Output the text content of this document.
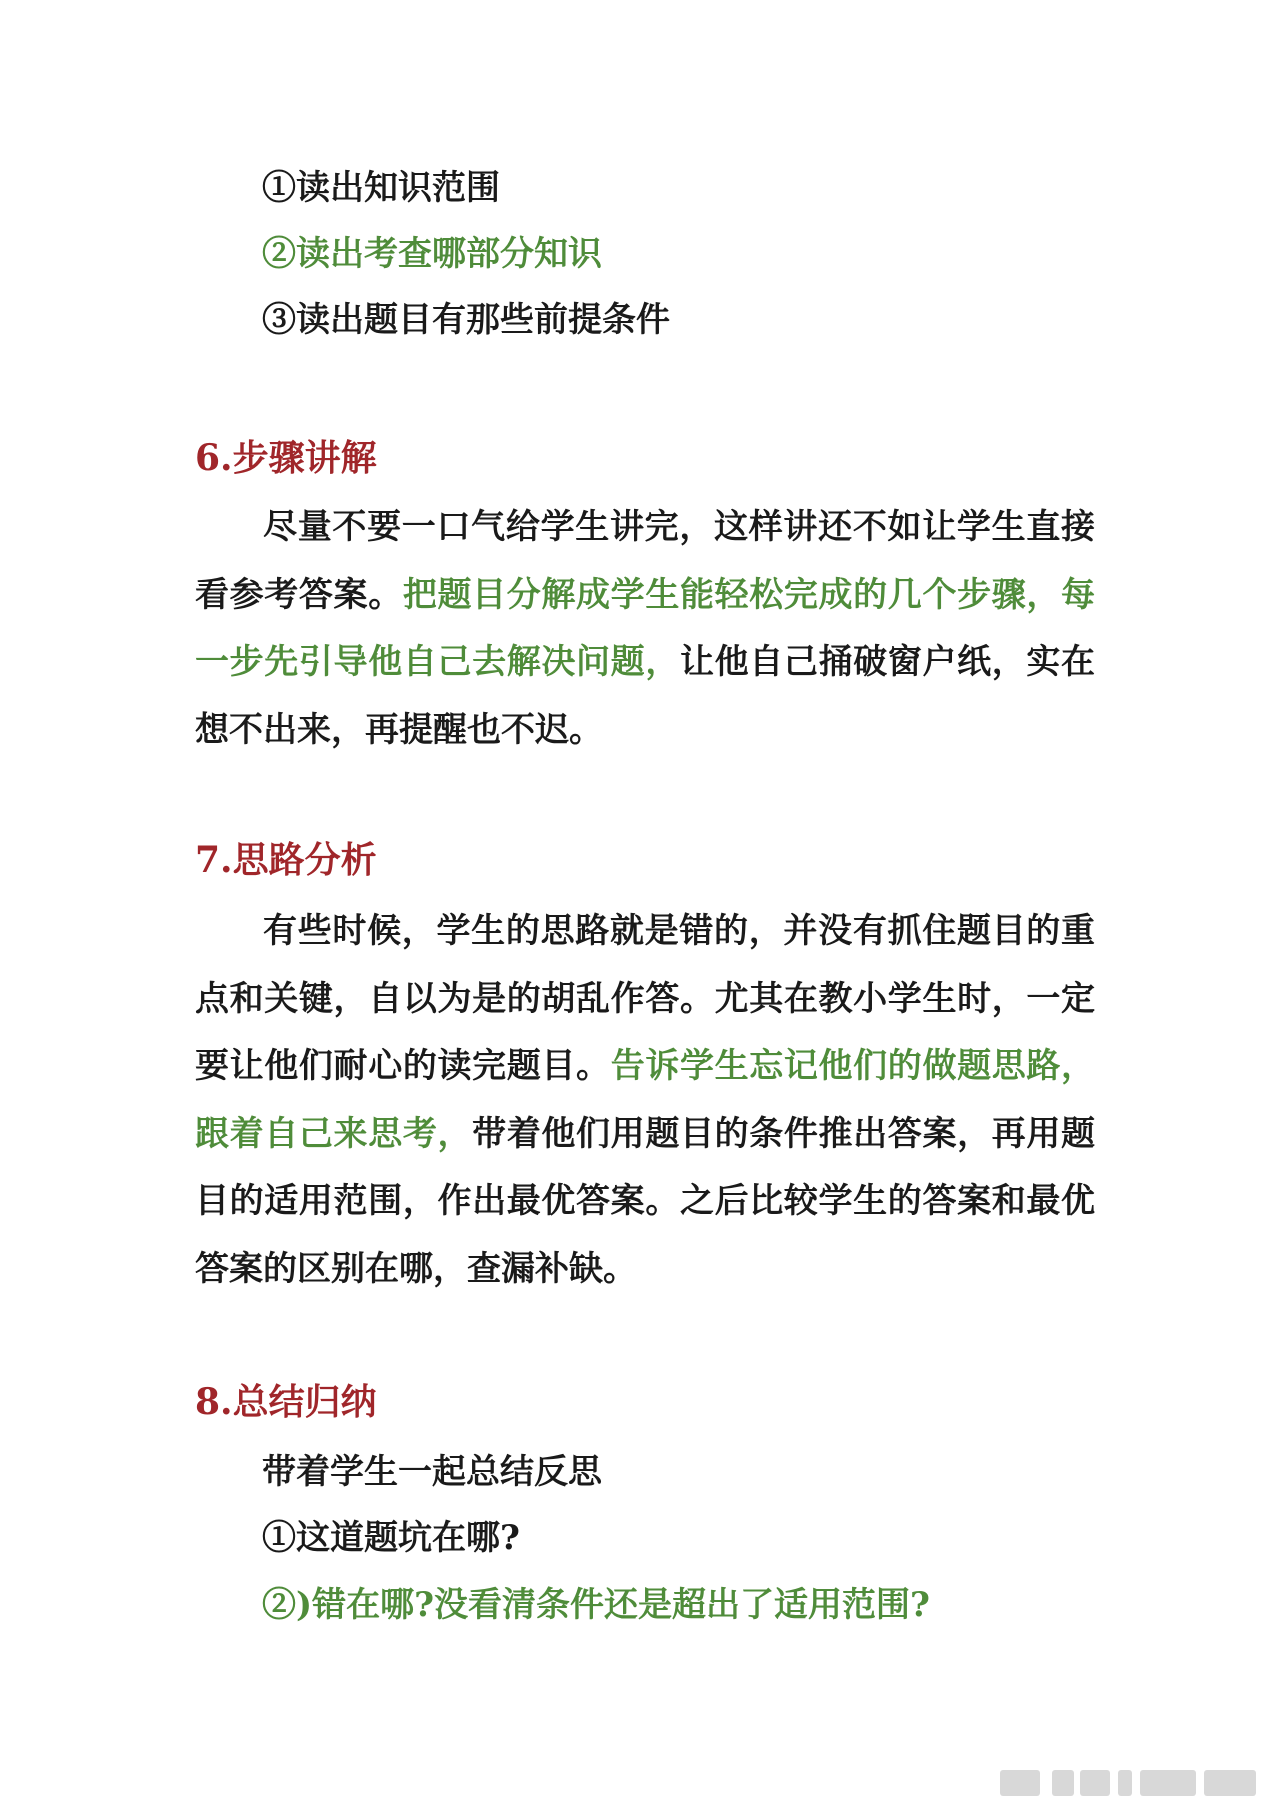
①读出知识范围
②读出考查哪部分知识
③读出题目有那些前提条件
6.步骤讲解
尽量不要一口气给学生讲完，这样讲还不如让学生直接看参考答案。把题目分解成学生能轻松完成的几个步骤，每一步先引导他自己去解决问题，让他自己捅破窗户纸，实在想不出来，再提醒也不迟。
7.思路分析
有些时候，学生的思路就是错的，并没有抓住题目的重点和关键，自以为是的胡乱作答。尤其在教小学生时，一定要让他们耐心的读完题目。告诉学生忘记他们的做题思路，跟着自己来思考，带着他们用题目的条件推出答案，再用题目的适用范围，作出最优答案。之后比较学生的答案和最优答案的区别在哪，查漏补缺。
8.总结归纳
带着学生一起总结反思
①这道题坑在哪?
②)错在哪?没看清条件还是超出了适用范围?
